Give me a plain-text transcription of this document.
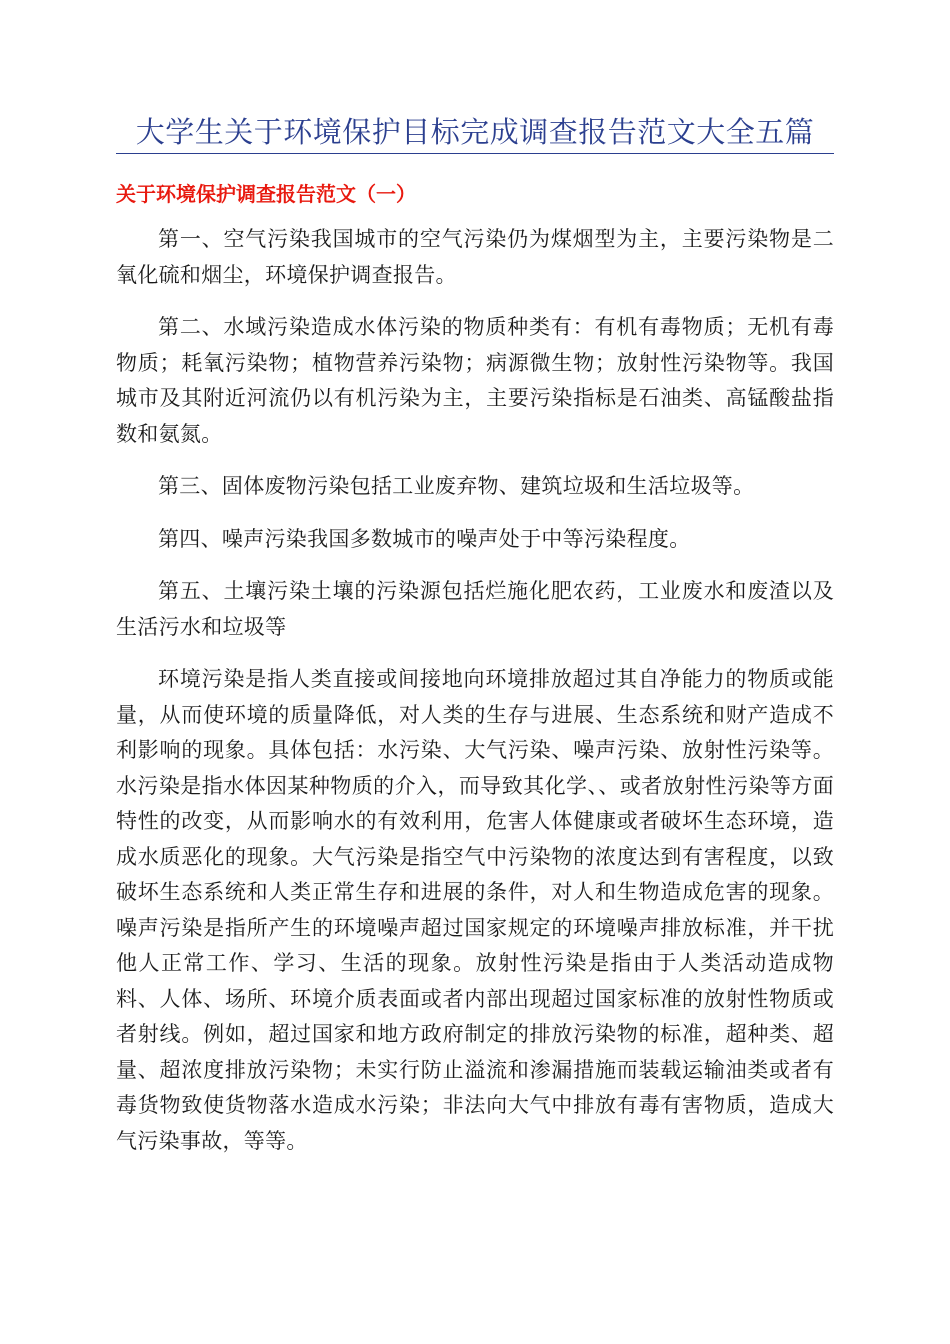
大学生关于环境保护目标完成调查报告范文大全五篇
关于环境保护调查报告范文（一）

第一、空气污染我国城市的空气污染仍为煤烟型为主，主要污染物是二氧化硫和烟尘，环境保护调查报告。

第二、水域污染造成水体污染的物质种类有：有机有毒物质；无机有毒物质；耗氧污染物；植物营养污染物；病源微生物；放射性污染物等。我国城市及其附近河流仍以有机污染为主，主要污染指标是石油类、高锰酸盐指数和氨氮。

第三、固体废物污染包括工业废弃物、建筑垃圾和生活垃圾等。

第四、噪声污染我国多数城市的噪声处于中等污染程度。

第五、土壤污染土壤的污染源包括烂施化肥农药，工业废水和废渣以及生活污水和垃圾等

环境污染是指人类直接或间接地向环境排放超过其自净能力的物质或能量，从而使环境的质量降低，对人类的生存与进展、生态系统和财产造成不利影响的现象。具体包括：水污染、大气污染、噪声污染、放射性污染等。水污染是指水体因某种物质的介入，而导致其化学、、或者放射性污染等方面特性的改变，从而影响水的有效利用，危害人体健康或者破坏生态环境，造成水质恶化的现象。大气污染是指空气中污染物的浓度达到有害程度，以致破坏生态系统和人类正常生存和进展的条件，对人和生物造成危害的现象。噪声污染是指所产生的环境噪声超过国家规定的环境噪声排放标准，并干扰他人正常工作、学习、生活的现象。放射性污染是指由于人类活动造成物料、人体、场所、环境介质表面或者内部出现超过国家标准的放射性物质或者射线。例如，超过国家和地方政府制定的排放污染物的标准，超种类、超量、超浓度排放污染物；未实行防止溢流和渗漏措施而装载运输油类或者有毒货物致使货物落水造成水污染；非法向大气中排放有毒有害物质，造成大气污染事故，等等。
